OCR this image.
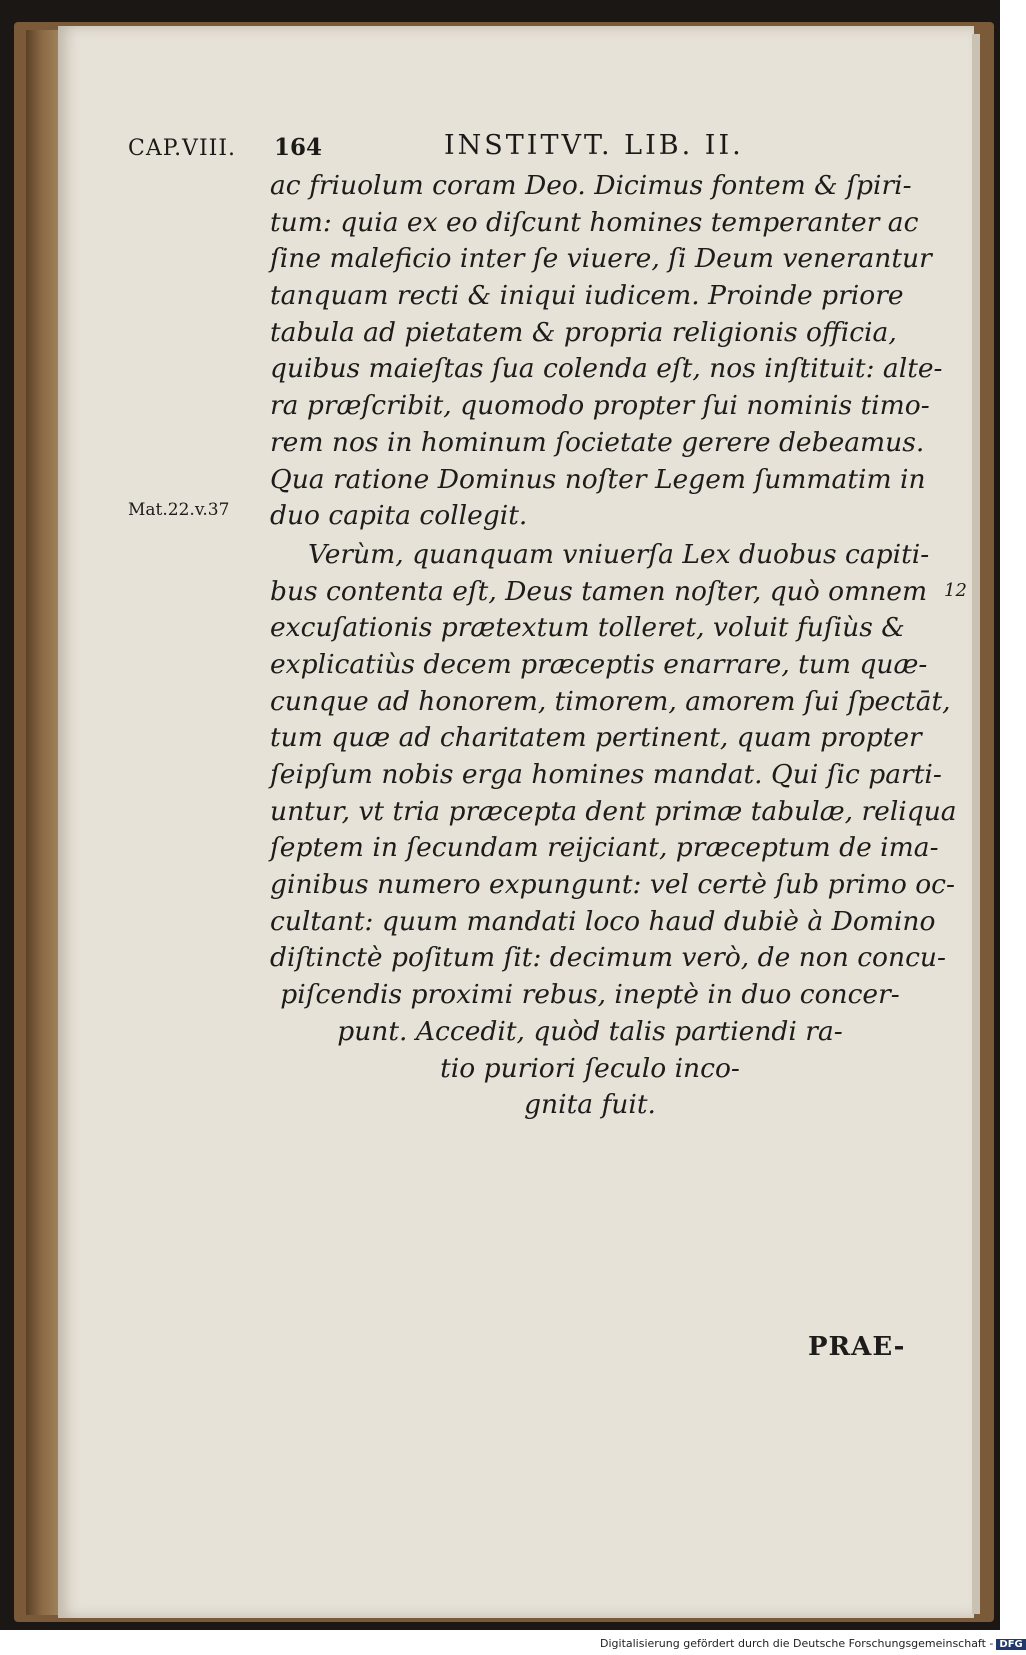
CAP.VIII. 164	INSTITVT. LIB. II.
Mat.22.v.37
12
ac friuolum coram Deo. Dicimus fontem & ſpiri-
tum: quia ex eo diſcunt homines temperanter ac
ſine maleficio inter ſe viuere, ſi Deum venerantur
tanquam recti & iniqui iudicem. Proinde priore
tabula ad pietatem & propria religionis officia,
quibus maieſtas ſua colenda eſt, nos inſtituit: alte-
ra præſcribit, quomodo propter ſui nominis timo-
rem nos in hominum ſocietate gerere debeamus.
Qua ratione Dominus noſter Legem ſummatim in
duo capita collegit.
Verùm, quanquam vniuerſa Lex duobus capiti-
bus contenta eſt, Deus tamen noſter, quò omnem
excuſationis prætextum tolleret, voluit fuſiùs &
explicatiùs decem præceptis enarrare, tum quæ-
cunque ad honorem, timorem, amorem ſui ſpectāt,
tum quæ ad charitatem pertinent, quam propter
ſeipſum nobis erga homines mandat. Qui ſic parti-
untur, vt tria præcepta dent primæ tabulæ, reliqua
ſeptem in ſecundam reijciant, præceptum de ima-
ginibus numero expungunt: vel certè ſub primo oc-
cultant: quum mandati loco haud dubiè à Domino
diſtinctè poſitum ſit: decimum verò, de non concu-
piſcendis proximi rebus, ineptè in duo concer-
punt. Accedit, quòd talis partiendi ra-
tio puriori ſeculo inco-
gnita fuit.
PRAE-
Digitalisierung gefördert durch die Deutsche Forschungsgemeinschaft - DFG
